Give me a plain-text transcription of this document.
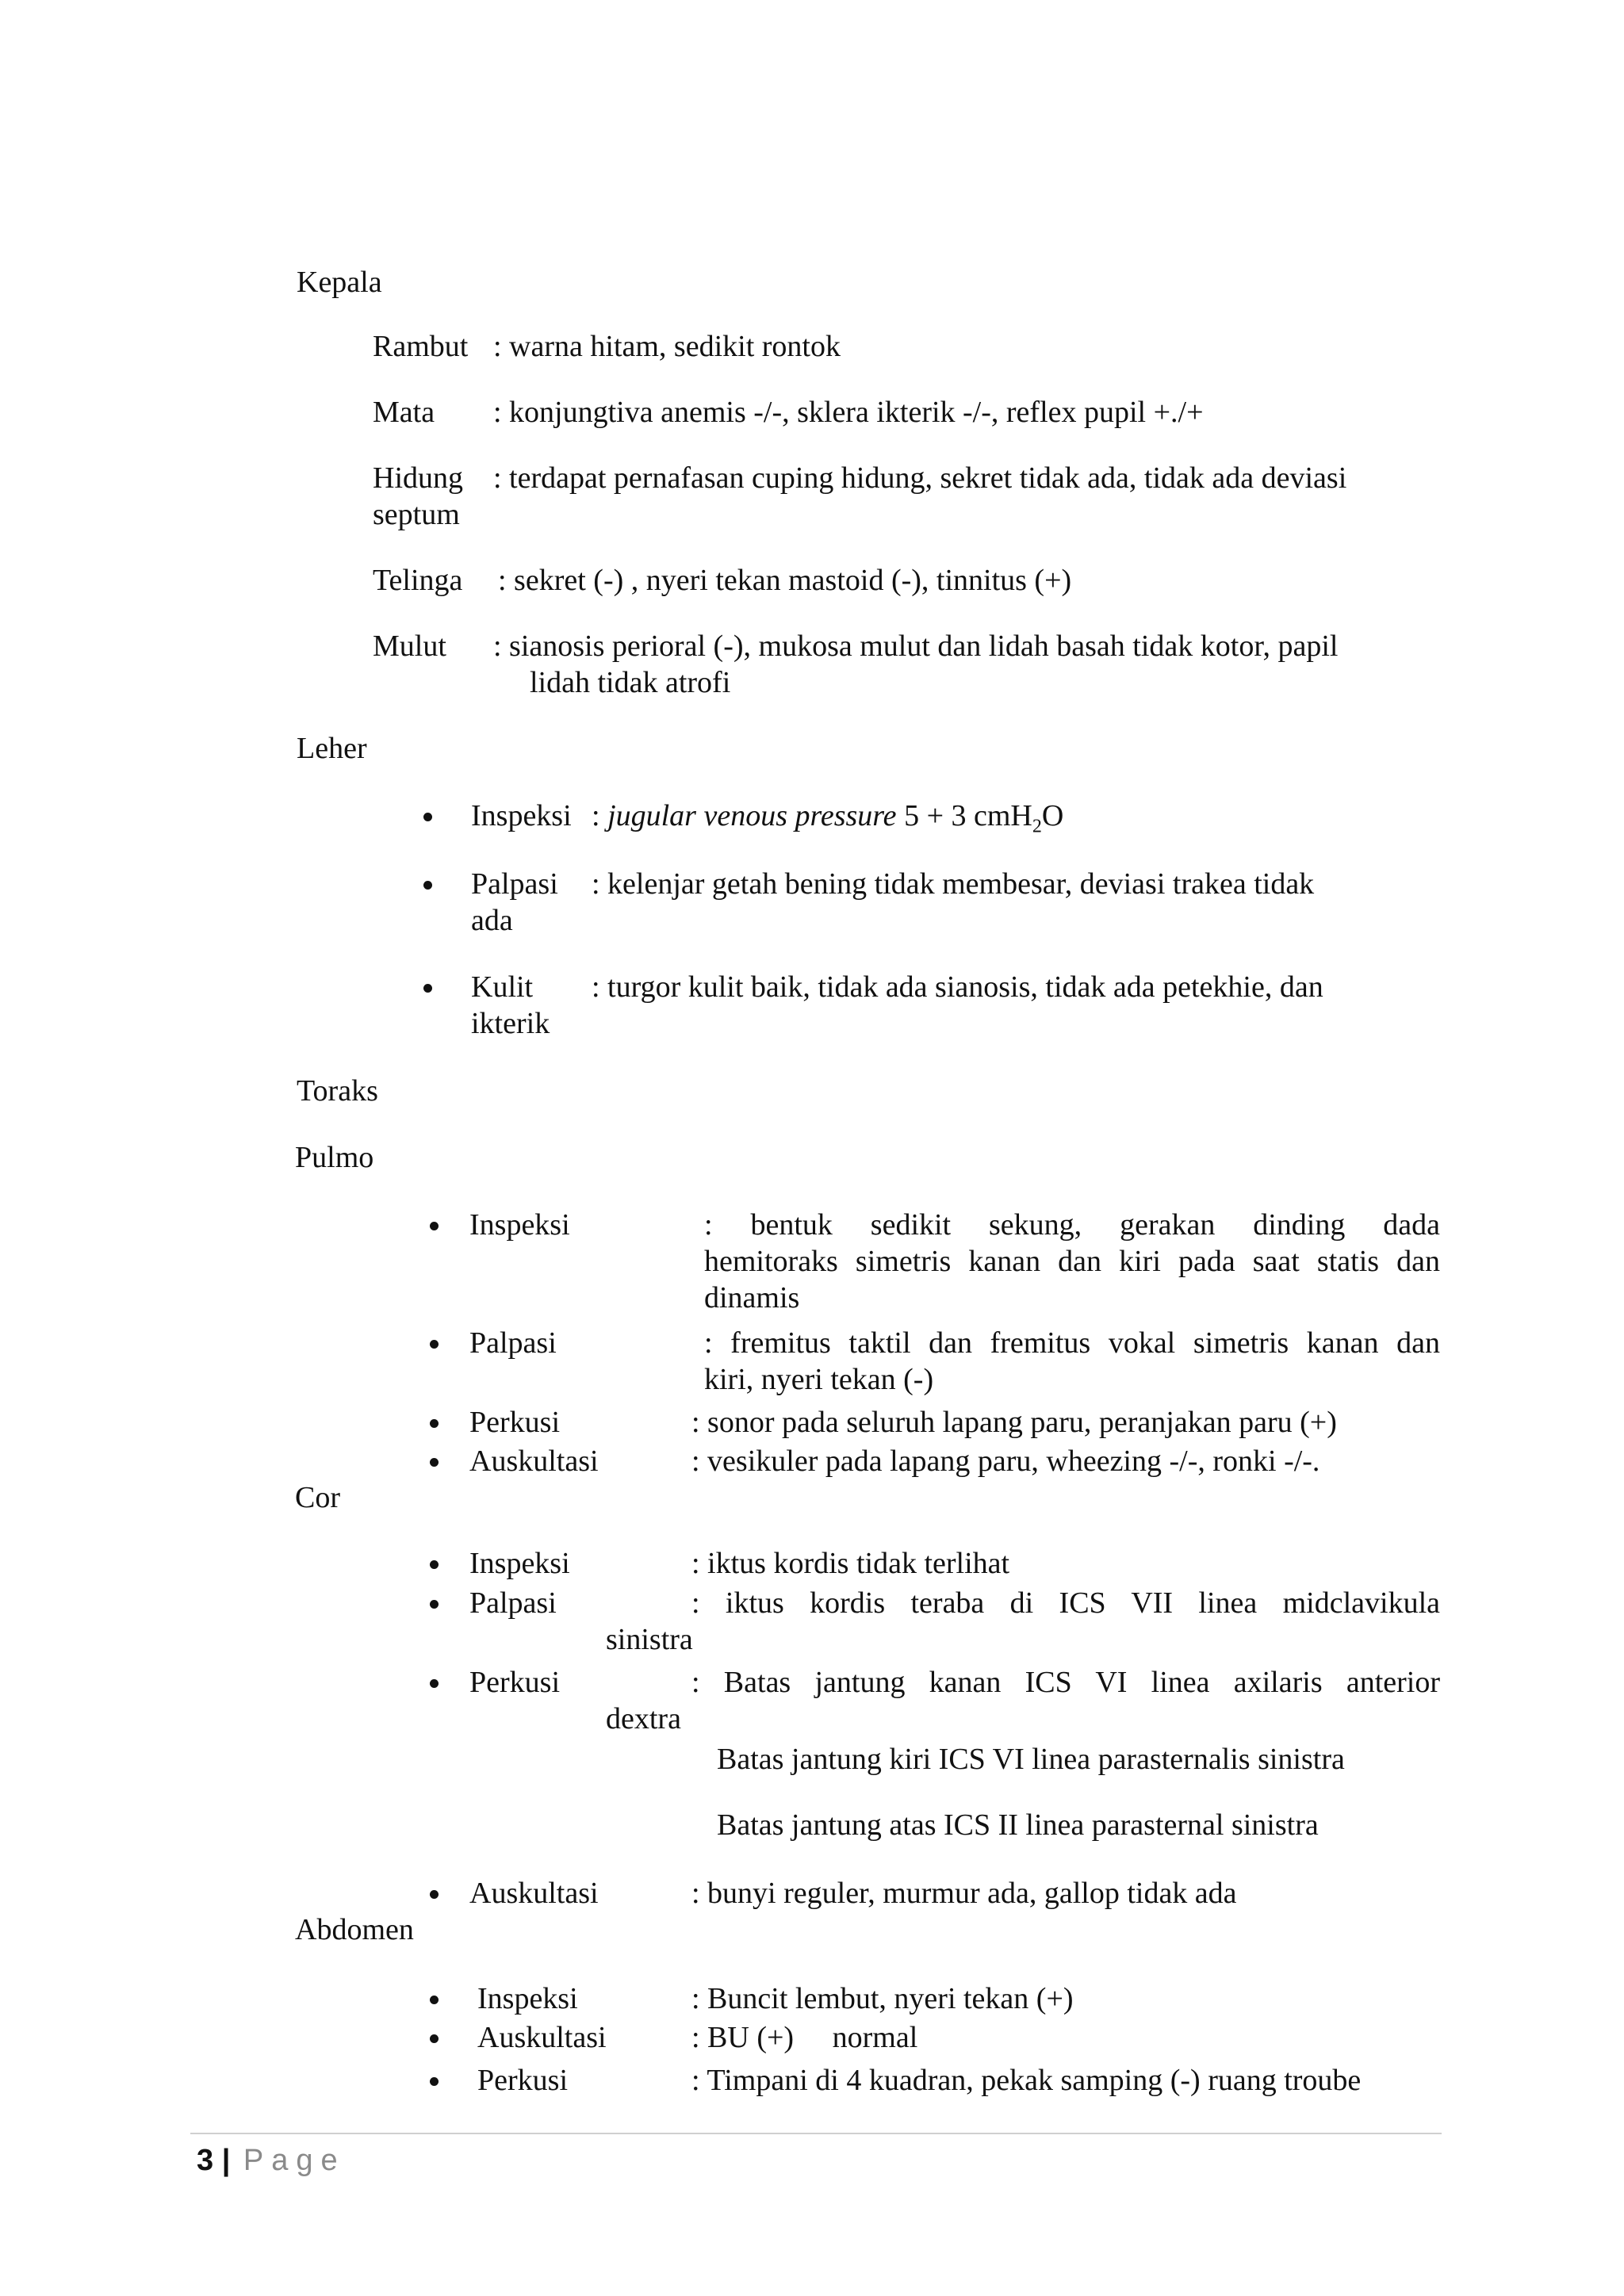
Kepala
Rambut : warna hitam, sedikit rontok
Mata : konjungtiva anemis -/-, sklera ikterik -/-, reflex pupil +./+
Hidung : terdapat pernafasan cuping hidung, sekret tidak ada, tidak ada deviasi
septum
Telinga : sekret (-) , nyeri tekan mastoid (-), tinnitus (+)
Mulut : sianosis perioral (-), mukosa mulut dan lidah basah tidak kotor, papil
lidah tidak atrofi
Leher
Inspeksi : jugular venous pressure 5 + 3 cmH$_2$O
Palpasi : kelenjar getah bening tidak membesar, deviasi trakea tidak
ada
Kulit : turgor kulit baik, tidak ada sianosis, tidak ada petekhie, dan
ikterik
Toraks
Pulmo
Inspeksi	: bentuk sedikit sekung, gerakan dinding dada
hemitoraks simetris kanan dan kiri pada saat statis dan
dinamis
Palpasi	: fremitus taktil dan fremitus vokal simetris kanan dan
kiri, nyeri tekan (-)
Perkusi	: sonor pada seluruh lapang paru, peranjakan paru (+)
Auskultasi	: vesikuler pada lapang paru, wheezing -/-, ronki -/-.
Cor
Inspeksi	: iktus kordis tidak terlihat
Palpasi	: iktus kordis teraba di ICS VII linea midclavikula
sinistra
Perkusi	: Batas jantung kanan ICS VI linea axilaris anterior
dextra
Batas jantung kiri ICS VI linea parasternalis sinistra
Batas jantung atas ICS II linea parasternal sinistra
Auskultasi	: bunyi reguler, murmur ada, gallop tidak ada
Abdomen
Inspeksi	: Buncit lembut, nyeri tekan (+)
Auskultasi	: BU (+) normal
Perkusi	: Timpani di 4 kuadran, pekak samping (-) ruang troube
3 | Page
